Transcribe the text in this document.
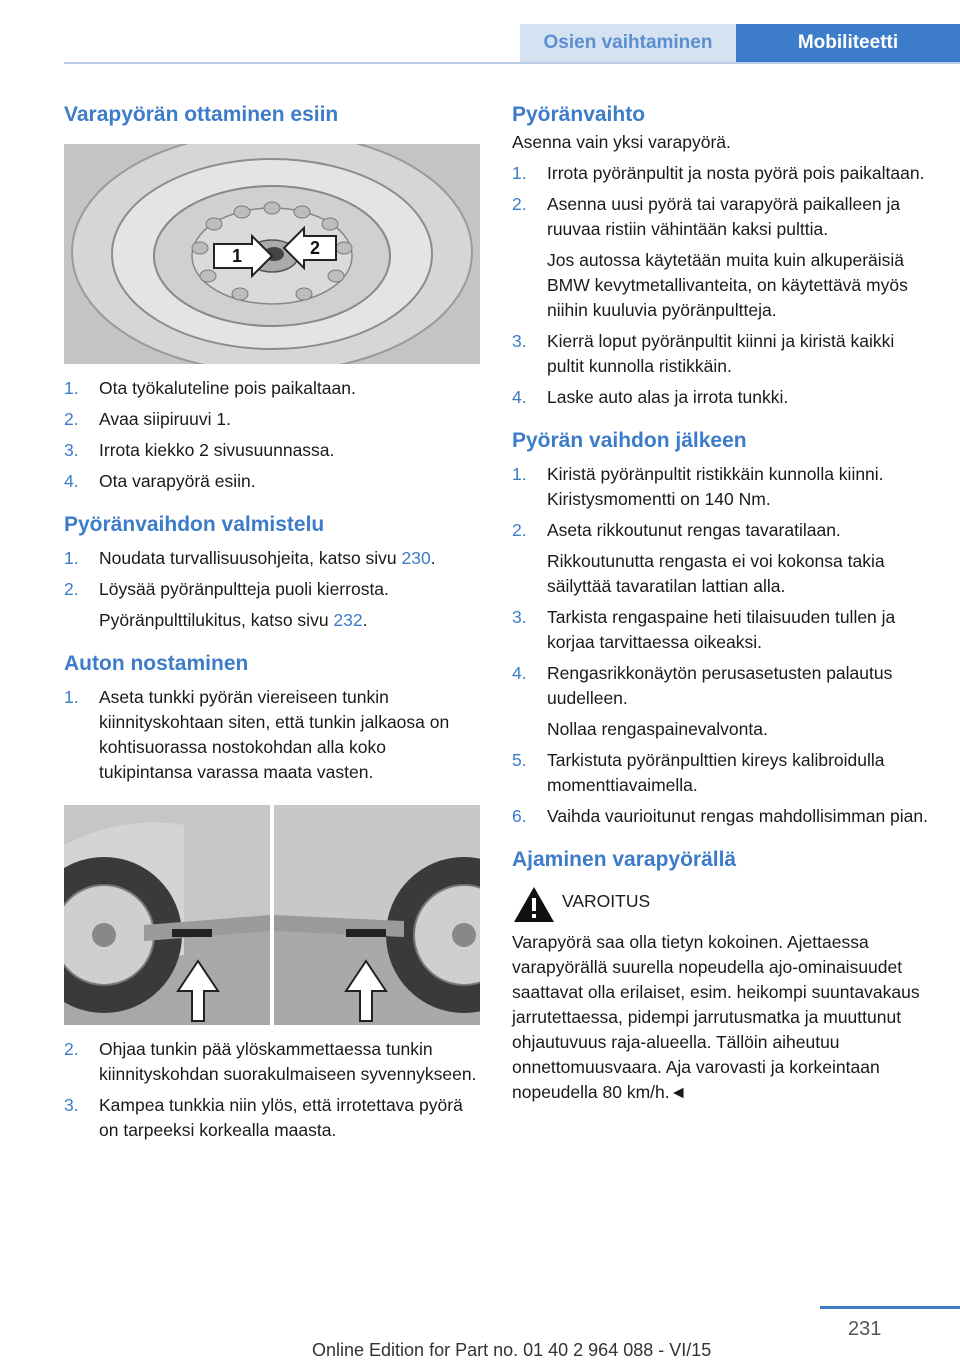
Osien vaihtaminen	Mobiliteetti
Varapyörän ottaminen esiin
1	2
1.	Ota työkaluteline pois paikaltaan.
2.	Avaa siipiruuvi 1.
3.	Irrota kiekko 2 sivusuunnassa.
4.	Ota varapyörä esiin.
Pyöränvaihdon valmistelu
1.	Noudata turvallisuusohjeita, katso sivu 230.
2.	Löysää pyöränpultteja puoli kierrosta.
Pyöränpulttilukitus, katso sivu 232.
Auton nostaminen
1.	Aseta tunkki pyörän viereiseen tunkin kiinnityskohtaan siten, että tunkin jalkaosa on kohtisuorassa nostokohdan alla koko tukipintansa varassa maata vasten.
2.	Ohjaa tunkin pää ylöskammettaessa tunkin kiinnityskohdan suorakulmaiseen syvennykseen.
3.	Kampea tunkkia niin ylös, että irrotettava pyörä on tarpeeksi korkealla maasta.
Pyöränvaihto

Asenna vain yksi varapyörä.

1.	Irrota pyöränpultit ja nosta pyörä pois paikaltaan.
2.	Asenna uusi pyörä tai varapyörä paikalleen ja ruuvaa ristiin vähintään kaksi pulttia.
Jos autossa käytetään muita kuin alkuperäisiä BMW kevytmetallivanteita, on käytettävä myös niihin kuuluvia pyöränpultteja.
3.	Kierrä loput pyöränpultit kiinni ja kiristä kaikki pultit kunnolla ristikkäin.
4.	Laske auto alas ja irrota tunkki.
Pyörän vaihdon jälkeen
1.	Kiristä pyöränpultit ristikkäin kunnolla kiinni. Kiristysmomentti on 140 Nm.
2.	Aseta rikkoutunut rengas tavaratilaan.
Rikkoutunutta rengasta ei voi kokonsa takia säilyttää tavaratilan lattian alla.
3.	Tarkista rengaspaine heti tilaisuuden tullen ja korjaa tarvittaessa oikeaksi.
4.	Rengasrikkonäytön perusasetusten palautus uudelleen.
Nollaa rengaspainevalvonta.
5.	Tarkistuta pyöränpulttien kireys kalibroidulla momenttiavaimella.
6.	Vaihda vaurioitunut rengas mahdollisimman pian.
Ajaminen varapyörällä
VAROITUS
Varapyörä saa olla tietyn kokoinen. Ajettaessa varapyörällä suurella nopeudella ajo-ominaisuudet saattavat olla erilaiset, esim. heikompi suuntavakaus jarrutettaessa, pidempi jarrutusmatka ja muuttunut ohjautuvuus raja-alueella. Tällöin aiheutuu onnettomuusvaara. Aja varovasti ja korkeintaan nopeudella 80 km/h.◄
231
Online Edition for Part no. 01 40 2 964 088 - VI/15
